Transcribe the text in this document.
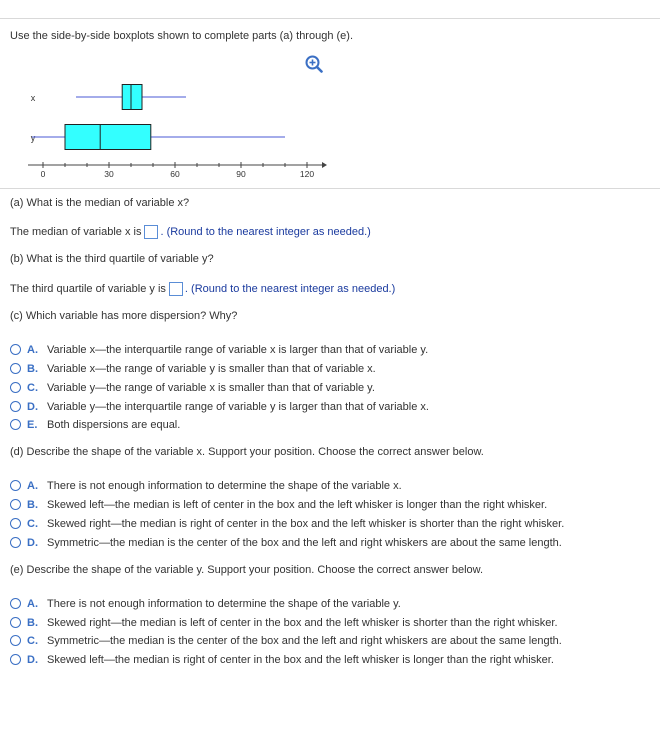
Use the side-by-side boxplots shown to complete parts (a) through (e).
x
y
0	30	60	90	120
(a) What is the median of variable x?
The median of variable x is . (Round to the nearest integer as needed.)
(b) What is the third quartile of variable y?
The third quartile of variable y is . (Round to the nearest integer as needed.)
(c) Which variable has more dispersion? Why?
A. Variable x—the interquartile range of variable x is larger than that of variable y.
B. Variable x—the range of variable y is smaller than that of variable x.
C. Variable y—the range of variable x is smaller than that of variable y.
D. Variable y—the interquartile range of variable y is larger than that of variable x.
E. Both dispersions are equal.
(d) Describe the shape of the variable x. Support your position. Choose the correct answer below.
A. There is not enough information to determine the shape of the variable x.
B. Skewed left—the median is left of center in the box and the left whisker is longer than the right whisker.
C. Skewed right—the median is right of center in the box and the left whisker is shorter than the right whisker.
D. Symmetric—the median is the center of the box and the left and right whiskers are about the same length.
(e) Describe the shape of the variable y. Support your position. Choose the correct answer below.
A. There is not enough information to determine the shape of the variable y.
B. Skewed right—the median is left of center in the box and the left whisker is shorter than the right whisker.
C. Symmetric—the median is the center of the box and the left and right whiskers are about the same length.
D. Skewed left—the median is right of center in the box and the left whisker is longer than the right whisker.
